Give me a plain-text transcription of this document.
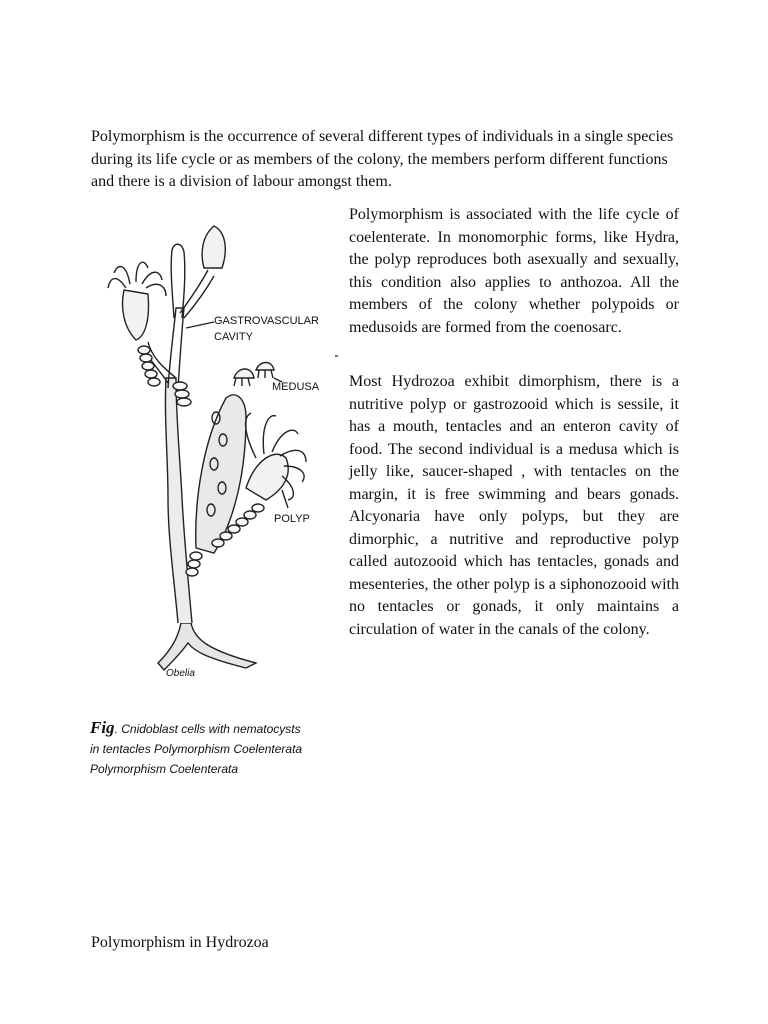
Polymorphism is the occurrence of several different types of individuals in a single species during its life cycle or as members of the colony, the members perform different functions and there is a division of labour amongst them.

Polymorphism is associated with the life cycle of coelenterate. In monomorphic forms, like Hydra, the polyp reproduces both asexually and sexually, this condition also applies to anthozoa. All the members of the colony whether polypoids or medusoids are formed from the coenosarc.

Most Hydrozoa exhibit dimorphism, there is a nutritive polyp or gastrozooid which is sessile, it has a mouth, tentacles and an enteron cavity of food. The second individual is a medusa which is jelly like, saucer-shaped , with tentacles on the margin, it is free swimming and bears gonads. Alcyonaria have only polyps, but they are dimorphic, a nutritive and reproductive polyp called autozooid which has tentacles, gonads and mesenteries, the other polyp is a siphonozooid with no tentacles or gonads, it only maintains a circulation of water in the canals of the colony.

GASTROVASCULAR
CAVITY
MEDUSA
POLYP
Obelia

Fig. Cnidoblast cells with nematocysts
in tentacles Polymorphism Coelenterata
Polymorphism Coelenterata

Polymorphism in Hydrozoa
